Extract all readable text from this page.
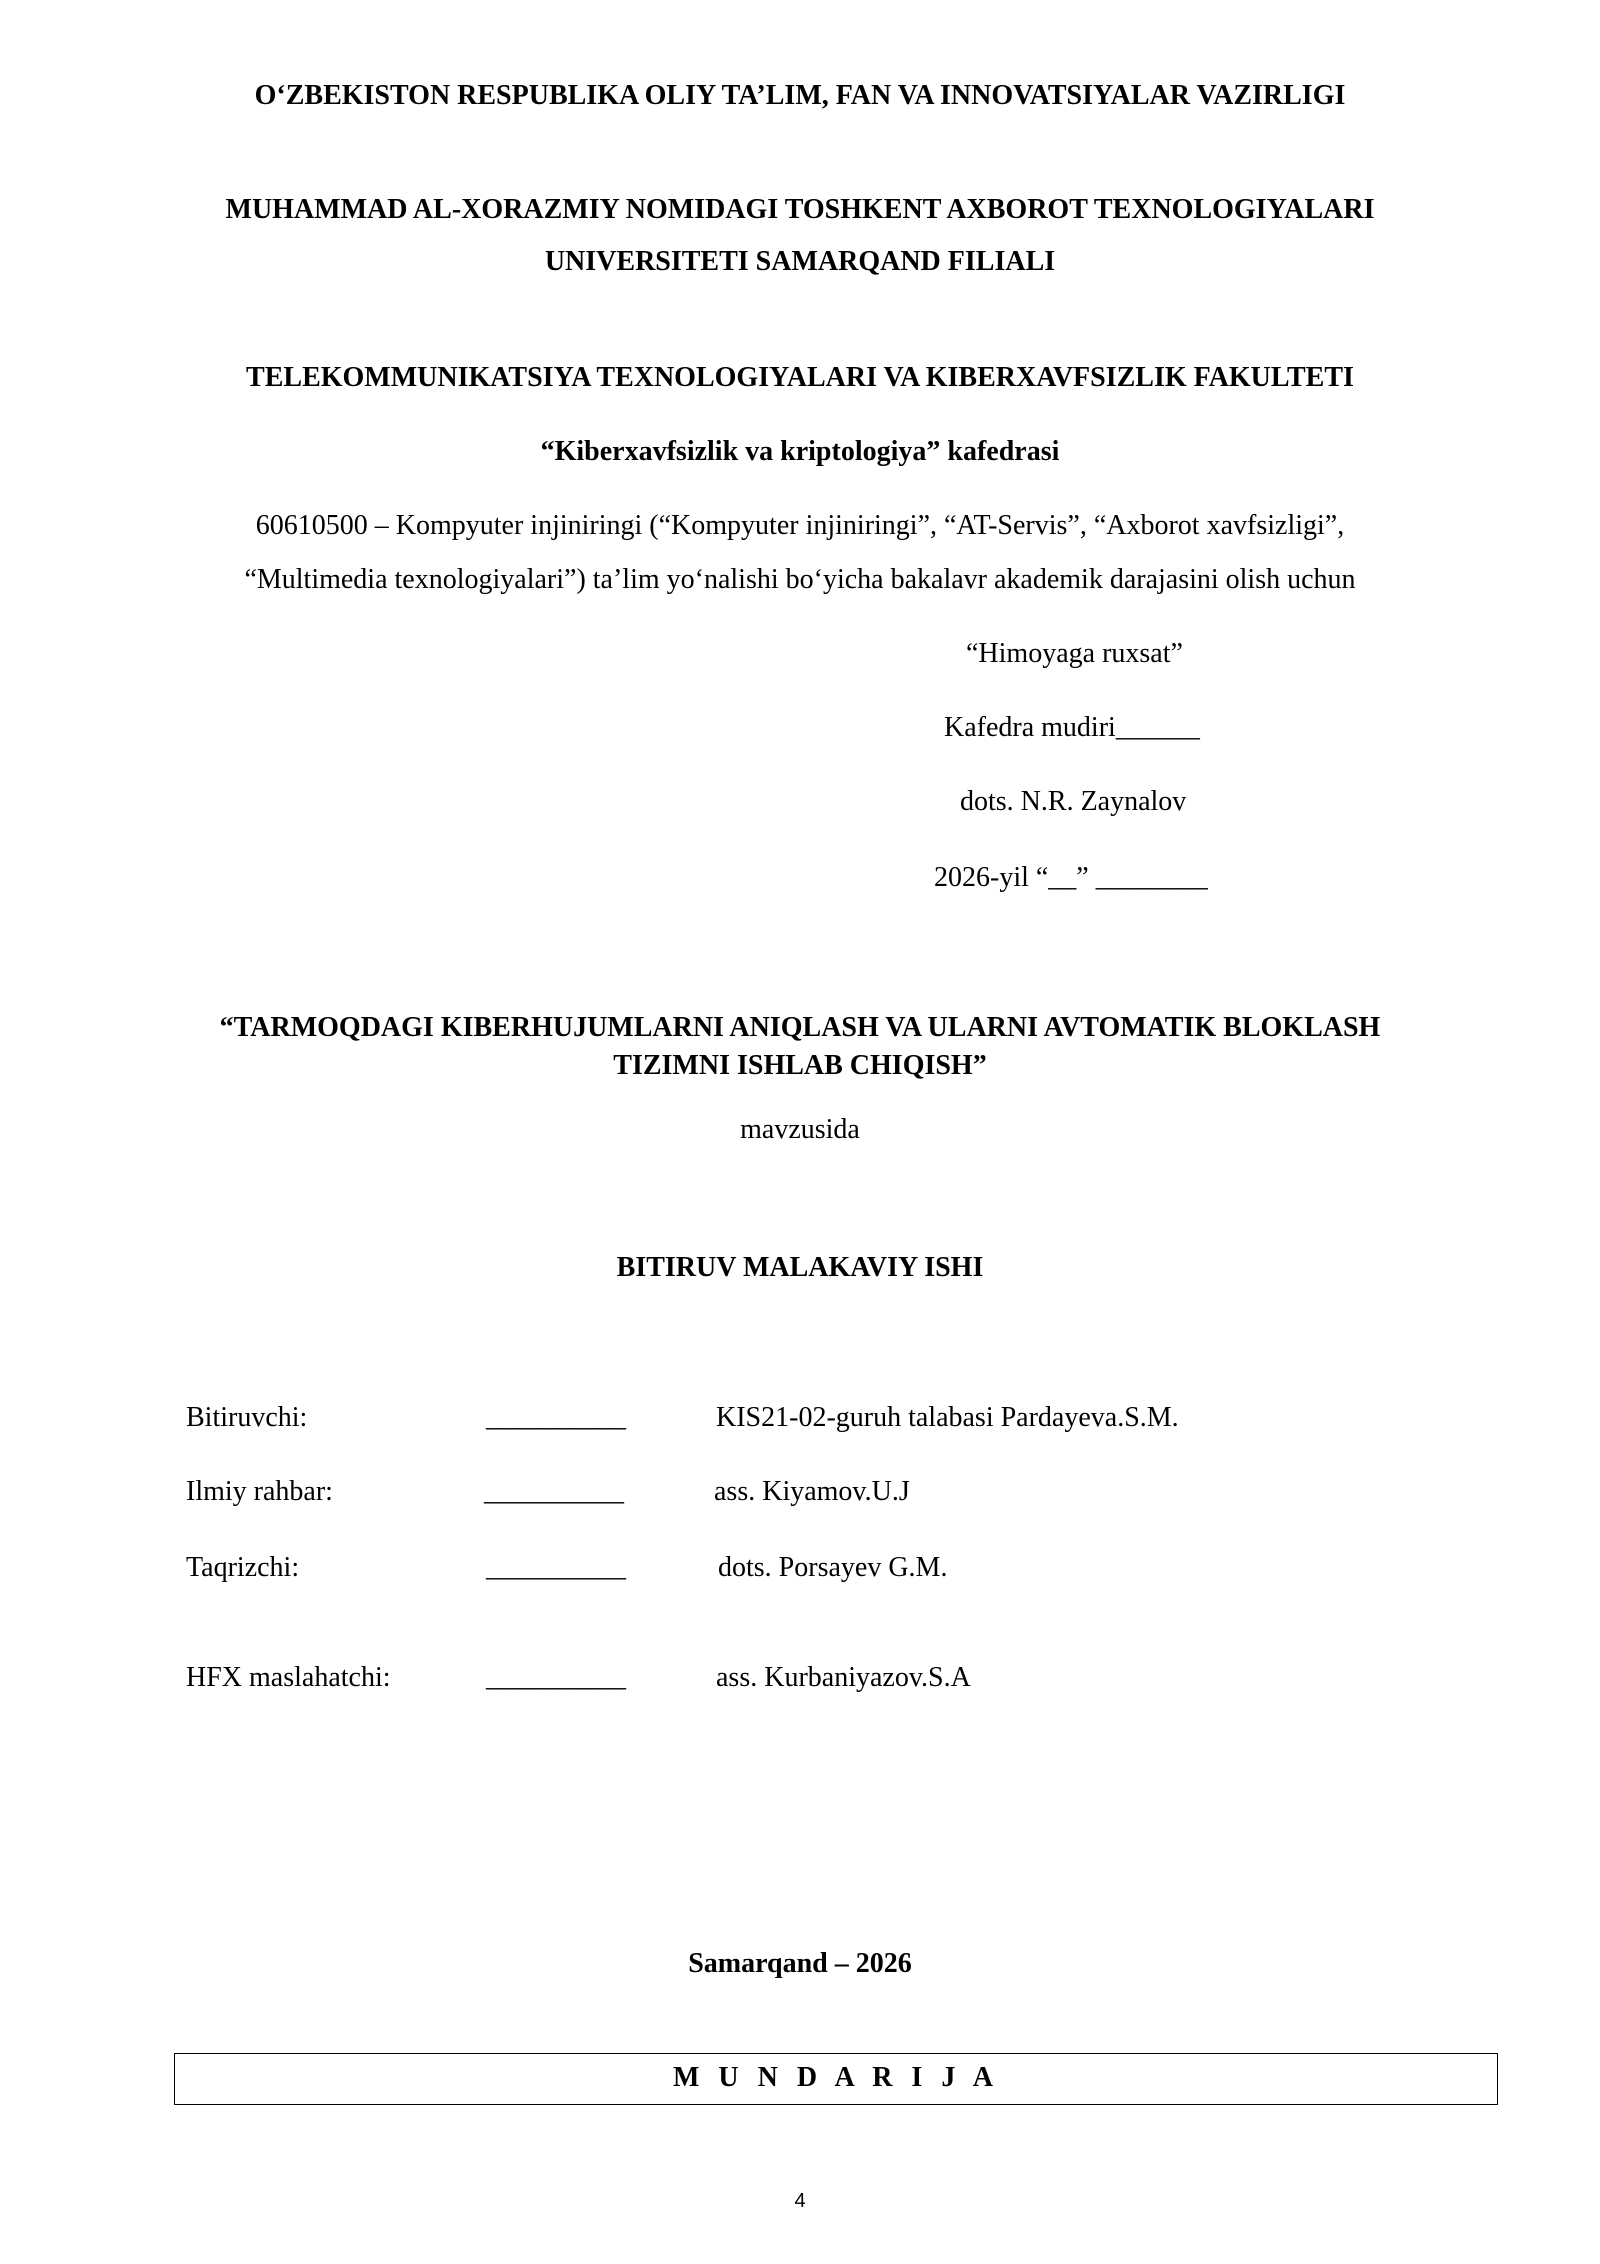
O‘ZBEKISTON RESPUBLIKA OLIY TA’LIM, FAN VA INNOVATSIYALAR VAZIRLIGI
MUHAMMAD AL-XORAZMIY NOMIDAGI TOSHKENT AXBOROT TEXNOLOGIYALARI
UNIVERSITETI SAMARQAND FILIALI
TELEKOMMUNIKATSIYA TEXNOLOGIYALARI VA KIBERXAVFSIZLIK FAKULTETI
“Kiberxavfsizlik va kriptologiya” kafedrasi
60610500 – Kompyuter injiniringi (“Kompyuter injiniringi”, “AT-Servis”, “Axborot xavfsizligi”,
“Multimedia texnologiyalari”) ta’lim yo‘nalishi bo‘yicha bakalavr akademik darajasini olish uchun
“Himoyaga ruxsat”
Kafedra mudiri______
dots. N.R. Zaynalov
2026-yil “__” ________
“TARMOQDAGI KIBERHUJUMLARNI ANIQLASH VA ULARNI AVTOMATIK BLOKLASH
TIZIMNI ISHLAB CHIQISH”
mavzusida
BITIRUV MALAKAVIY ISHI
Bitiruvchi:	__________	KIS21-02-guruh talabasi Pardayeva.S.M.
Ilmiy rahbar:	__________	ass. Kiyamov.U.J
Taqrizchi:	__________	dots. Porsayev G.M.
HFX maslahatchi:	__________	ass. Kurbaniyazov.S.A
Samarqand – 2026
M U N D A R I J A
4
